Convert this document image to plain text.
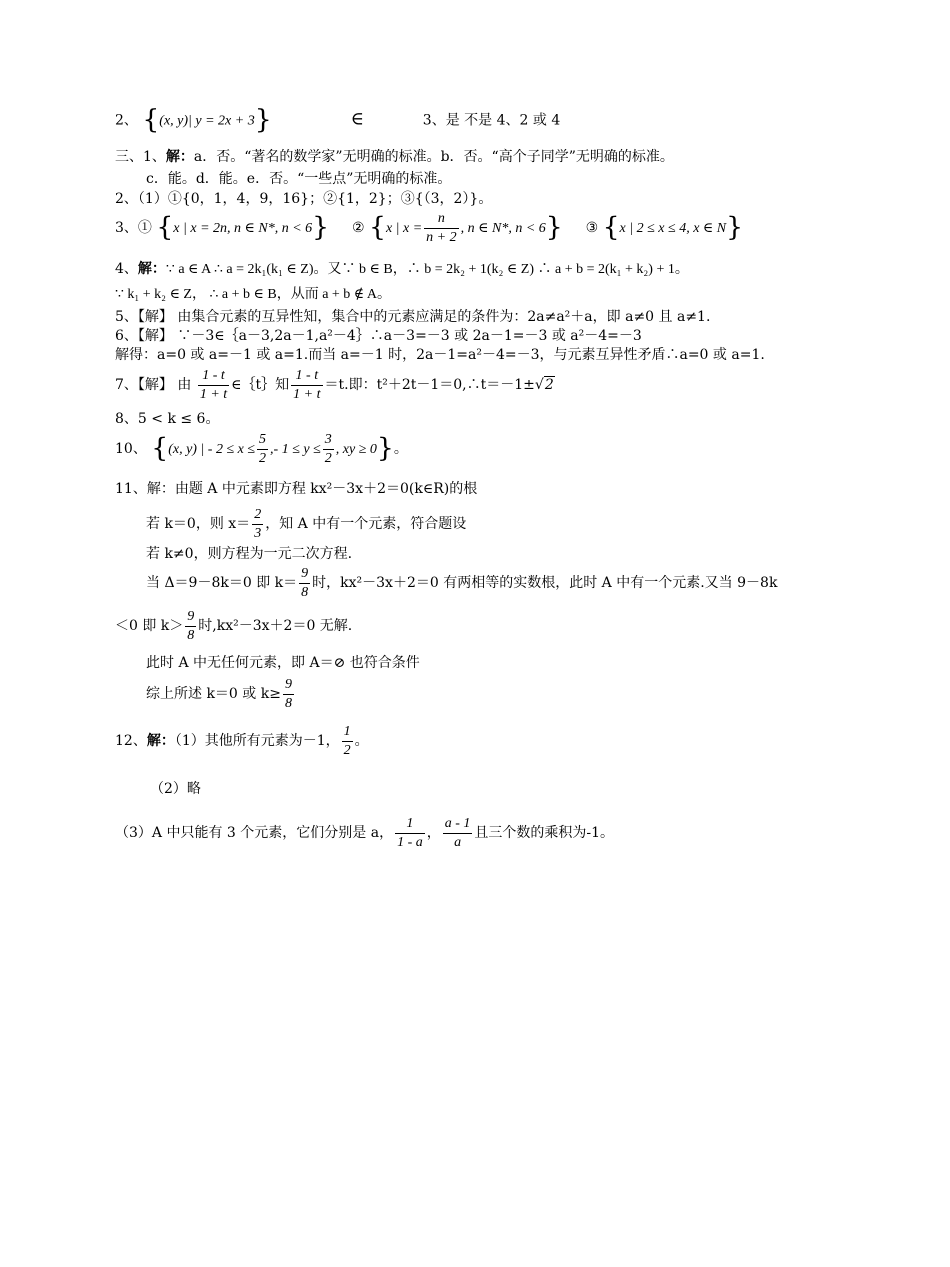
2、 {(x, y)| y = 2x + 3}	∈	3、是 不是 4、2 或 4
三、1、解：a．否。“著名的数学家”无明确的标准。b．否。“高个子同学”无明确的标准。
c．能。d．能。e．否。“一些点”无明确的标准。
2、（1）①{0，1，4，9，16}；②{1，2}；③{（3，2）}。
3、① {x | x = 2n, n ∈ N*, n < 6} ② {x | $x = \frac{n}{n + 2}$ , n ∈ N*, n < 6} ③ {x | 2 ≤ x ≤ 4, x ∈ N}
4、解：∵ a ∈ A ∴ a = 2k₁(k₁ ∈ Z)。又∵ b ∈ B，∴ b = 2k₂ + 1(k₂ ∈ Z) ∴ a + b = 2(k₁ + k₂) + 1。
∵ k₁ + k₂ ∈ Z， ∴ a + b ∈ B，从而 a + b ∉ A。
5、【解】 由集合元素的互异性知，集合中的元素应满足的条件为：2a≠a²＋a，即 a≠0 且 a≠1.
6、【解】 ∵－3∈｛a－3,2a－1,a²－4｝∴a－3=－3 或 2a－1=－3 或 a²－4=－3
解得：a=0 或 a=－1 或 a=1.而当 a=－1 时，2a－1=a²－4=－3，与元素互异性矛盾∴a=0 或 a=1.
7、【解】 由 $\frac{1 - t}{1 + t}$ ∈｛t｝知 $\frac{1 - t}{1 + t} =t$.即：t²＋2t－1＝0,∴t＝－1±√2
8、5 < k ≤ 6。
10、 {(x, y) | - $2 \le x \le \frac{5}{2}$ ,- $1 \le y \le \frac{3}{2}$ , xy ≥ 0}。
11、解：由题 A 中元素即方程 kx²－3x＋2＝0(k∈R)的根
若 k＝0，则 $x= \frac{2}{3}$ ，知 A 中有一个元素，符合题设
若 k≠0，则方程为一元二次方程.
当 Δ＝9－8k＝0 即 $k= \frac{9}{8}$ 时，kx²－3x＋2＝0 有两相等的实数根，此时 A 中有一个元素.又当 9－8k
＜0 即 $k> \frac{9}{8}$ 时,kx²－3x＋2＝0 无解.
此时 A 中无任何元素，即 A＝⊘ 也符合条件
综上所述 k＝0 或 $k\ge \frac{9}{8}$
12、解：（1）其他所有元素为－1， $\frac{1}{2}$ 。
（2）略
（3）A 中只能有 3 个元素，它们分别是 a， $\frac{1}{1 - a}$ ， $\frac{a - 1}{a}$ 且三个数的乘积为-1。
